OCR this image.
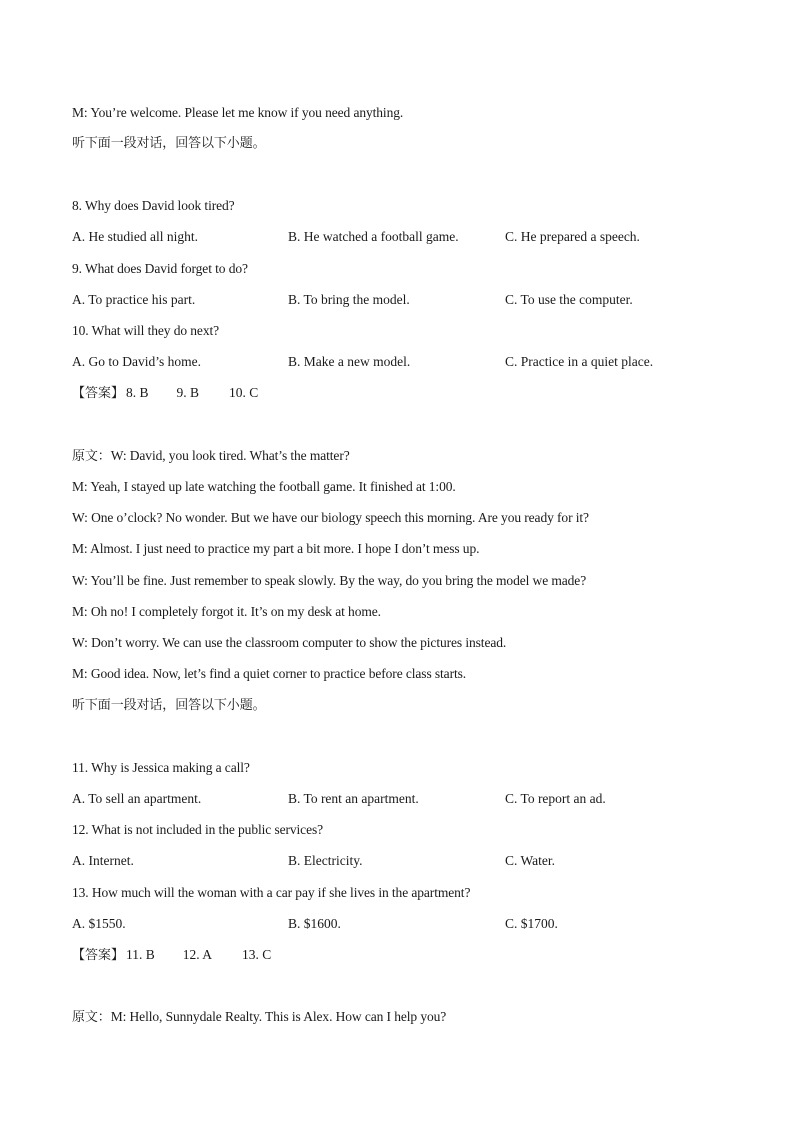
M: You’re welcome. Please let me know if you need anything.
听下面一段对话，回答以下小题。
8. Why does David look tired?
A. He studied all night.	B. He watched a football game.	C. He prepared a speech.
9. What does David forget to do?
A. To practice his part.	B. To bring the model.	C. To use the computer.
10. What will they do next?
A. Go to David’s home.	B. Make a new model.	C. Practice in a quiet place.
【答案】 8. B 9. B 10. C
原文：W: David, you look tired. What’s the matter?
M: Yeah, I stayed up late watching the football game. It finished at 1:00.
W: One o’clock? No wonder. But we have our biology speech this morning. Are you ready for it?
M: Almost. I just need to practice my part a bit more. I hope I don’t mess up.
W: You’ll be fine. Just remember to speak slowly. By the way, do you bring the model we made?
M: Oh no! I completely forgot it. It’s on my desk at home.
W: Don’t worry. We can use the classroom computer to show the pictures instead.
M: Good idea. Now, let’s find a quiet corner to practice before class starts.
听下面一段对话，回答以下小题。
11. Why is Jessica making a call?
A. To sell an apartment.	B. To rent an apartment.	C. To report an ad.
12. What is not included in the public services?
A. Internet.	B. Electricity.	C. Water.
13. How much will the woman with a car pay if she lives in the apartment?
A. $1550.	B. $1600.	C. $1700.
【答案】 11. B 12. A 13. C
原文：M: Hello, Sunnydale Realty. This is Alex. How can I help you?
